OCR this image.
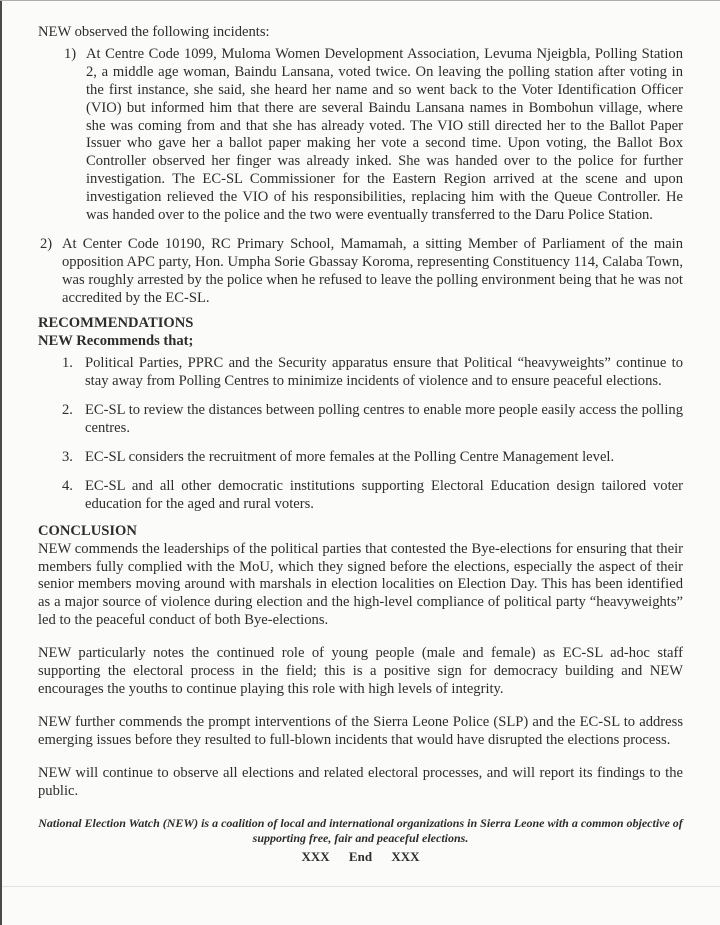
NEW observed the following incidents:

1) At Centre Code 1099, Muloma Women Development Association, Levuma Njeigbla, Polling Station 2, a middle age woman, Baindu Lansana, voted twice. On leaving the polling station after voting in the first instance, she said, she heard her name and so went back to the Voter Identification Officer (VIO) but informed him that there are several Baindu Lansana names in Bombohun village, where she was coming from and that she has already voted. The VIO still directed her to the Ballot Paper Issuer who gave her a ballot paper making her vote a second time. Upon voting, the Ballot Box Controller observed her finger was already inked. She was handed over to the police for further investigation. The EC-SL Commissioner for the Eastern Region arrived at the scene and upon investigation relieved the VIO of his responsibilities, replacing him with the Queue Controller. He was handed over to the police and the two were eventually transferred to the Daru Police Station.
2) At Center Code 10190, RC Primary School, Mamamah, a sitting Member of Parliament of the main opposition APC party, Hon. Umpha Sorie Gbassay Koroma, representing Constituency 114, Calaba Town, was roughly arrested by the police when he refused to leave the polling environment being that he was not accredited by the EC-SL.
RECOMMENDATIONS

NEW Recommends that;

1. Political Parties, PPRC and the Security apparatus ensure that Political “heavyweights” continue to stay away from Polling Centres to minimize incidents of violence and to ensure peaceful elections.
2. EC-SL to review the distances between polling centres to enable more people easily access the polling centres.
3. EC-SL considers the recruitment of more females at the Polling Centre Management level.
4. EC-SL and all other democratic institutions supporting Electoral Education design tailored voter education for the aged and rural voters.
CONCLUSION

NEW commends the leaderships of the political parties that contested the Bye-elections for ensuring that their members fully complied with the MoU, which they signed before the elections, especially the aspect of their senior members moving around with marshals in election localities on Election Day. This has been identified as a major source of violence during election and the high-level compliance of political party “heavyweights” led to the peaceful conduct of both Bye-elections.

NEW particularly notes the continued role of young people (male and female) as EC-SL ad-hoc staff supporting the electoral process in the field; this is a positive sign for democracy building and NEW encourages the youths to continue playing this role with high levels of integrity.

NEW further commends the prompt interventions of the Sierra Leone Police (SLP) and the EC-SL to address emerging issues before they resulted to full-blown incidents that would have disrupted the elections process.

NEW will continue to observe all elections and related electoral processes, and will report its findings to the public.

National Election Watch (NEW) is a coalition of local and international organizations in Sierra Leone with a common objective of supporting free, fair and peaceful elections.

XXX End XXX
